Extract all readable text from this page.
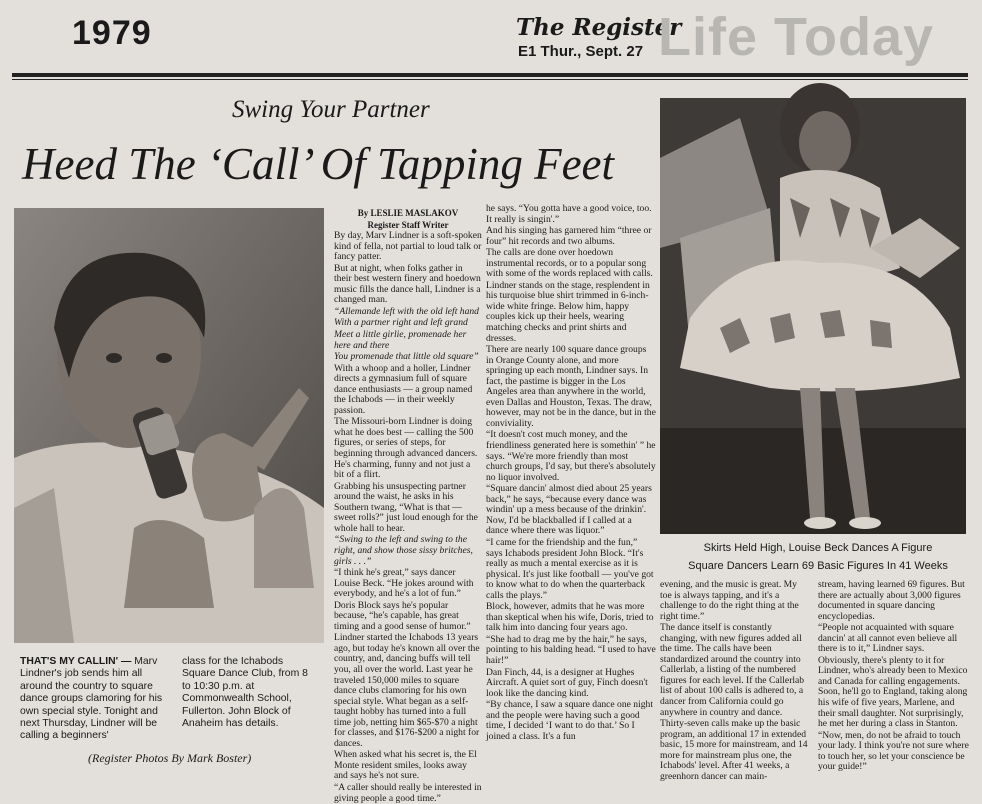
1979	The Register
E1 Thur., Sept. 27 Life Today
Swing Your Partner
Heed The ‘Call’ Of Tapping Feet
THAT'S MY CALLIN' — Marv Lindner's job sends him all around the country to square dance groups clamoring for his own special style. Tonight and next Thursday, Lindner will be calling a beginners'
class for the Ichabods Square Dance Club, from 8 to 10:30 p.m. at Commonwealth School, Fullerton. John Block of Anaheim has details.
(Register Photos By Mark Boster)
Skirts Held High, Louise Beck Dances A Figure
Square Dancers Learn 69 Basic Figures In 41 Weeks

By LESLIE MASLAKOV

Register Staff Writer

By day, Marv Lindner is a soft-spoken kind of fella, not partial to loud talk or fancy patter.

But at night, when folks gather in their best western finery and hoedown music fills the dance hall, Lindner is a changed man.

“Allemande left with the old left hand

With a partner right and left grand

Meet a little girlie, promenade her here and there

You promenade that little old square”

With a whoop and a holler, Lindner directs a gymnasium full of square dance enthusiasts — a group named the Ichabods — in their weekly passion.

The Missouri-born Lindner is doing what he does best — calling the 500 figures, or series of steps, for beginning through advanced dancers. He's charming, funny and not just a bit of a flirt.

Grabbing his unsuspecting partner around the waist, he asks in his Southern twang, “What is that — sweet rolls?” just loud enough for the whole hall to hear.

“Swing to the left and swing to the right, and show those sissy britches, girls . . .”

“I think he's great,” says dancer Louise Beck. “He jokes around with everybody, and he's a lot of fun.”

Doris Block says he's popular because, “he's capable, has great timing and a good sense of humor.”

Lindner started the Ichabods 13 years ago, but today he's known all over the country, and, dancing buffs will tell you, all over the world. Last year he traveled 150,000 miles to square dance clubs clamoring for his own special style. What began as a self-taught hobby has turned into a full time job, netting him $65-$70 a night for classes, and $176-$200 a night for dances.

When asked what his secret is, the El Monte resident smiles, looks away and says he's not sure.

“A caller should really be interested in giving people a good time.”

he says. “You gotta have a good voice, too. It really is singin'.”

And his singing has garnered him “three or four” hit records and two albums.

The calls are done over hoedown instrumental records, or to a popular song with some of the words replaced with calls.

Lindner stands on the stage, resplendent in his turquoise blue shirt trimmed in 6-inch-wide white fringe. Below him, happy couples kick up their heels, wearing matching checks and print shirts and dresses.

There are nearly 100 square dance groups in Orange County alone, and more springing up each month, Lindner says. In fact, the pastime is bigger in the Los Angeles area than anywhere in the world, even Dallas and Houston, Texas. The draw, however, may not be in the dance, but in the conviviality.

“It doesn't cost much money, and the friendliness generated here is somethin' ” he says. “We're more friendly than most church groups, I'd say, but there's absolutely no liquor involved.

“Square dancin' almost died about 25 years back,” he says, “because every dance was windin' up a mess because of the drinkin'. Now, I'd be blackballed if I called at a dance where there was liquor.”

“I came for the friendship and the fun,” says Ichabods president John Block. “It's really as much a mental exercise as it is physical. It's just like football — you've got to know what to do when the quarterback calls the plays.”

Block, however, admits that he was more than skeptical when his wife, Doris, tried to talk him into dancing four years ago.

“She had to drag me by the hair,” he says, pointing to his balding head. “I used to have hair!”

Dan Finch, 44, is a designer at Hughes Aircraft. A quiet sort of guy, Finch doesn't look like the dancing kind.

“By chance, I saw a square dance one night and the people were having such a good time, I decided ‘I want to do that.’ So I joined a class. It's a fun

evening, and the music is great. My toe is always tapping, and it's a challenge to do the right thing at the right time.”

The dance itself is constantly changing, with new figures added all the time. The calls have been standardized around the country into Callerlab, a listing of the numbered figures for each level. If the Callerlab list of about 100 calls is adhered to, a dancer from California could go anywhere in country and dance.

Thirty-seven calls make up the basic program, an additional 17 in extended basic, 15 more for mainstream, and 14 more for mainstream plus one, the Ichabods' level. After 41 weeks, a greenhorn dancer can main-

stream, having learned 69 figures. But there are actually about 3,000 figures documented in square dancing encyclopedias.

“People not acquainted with square dancin' at all cannot even believe all there is to it,” Lindner says.

Obviously, there's plenty to it for Lindner, who's already been to Mexico and Canada for calling engagements. Soon, he'll go to England, taking along his wife of five years, Marlene, and their small daughter. Not surprisingly, he met her during a class in Stanton.

“Now, men, do not be afraid to touch your lady. I think you're not sure where to touch her, so let your conscience be your guide!”
